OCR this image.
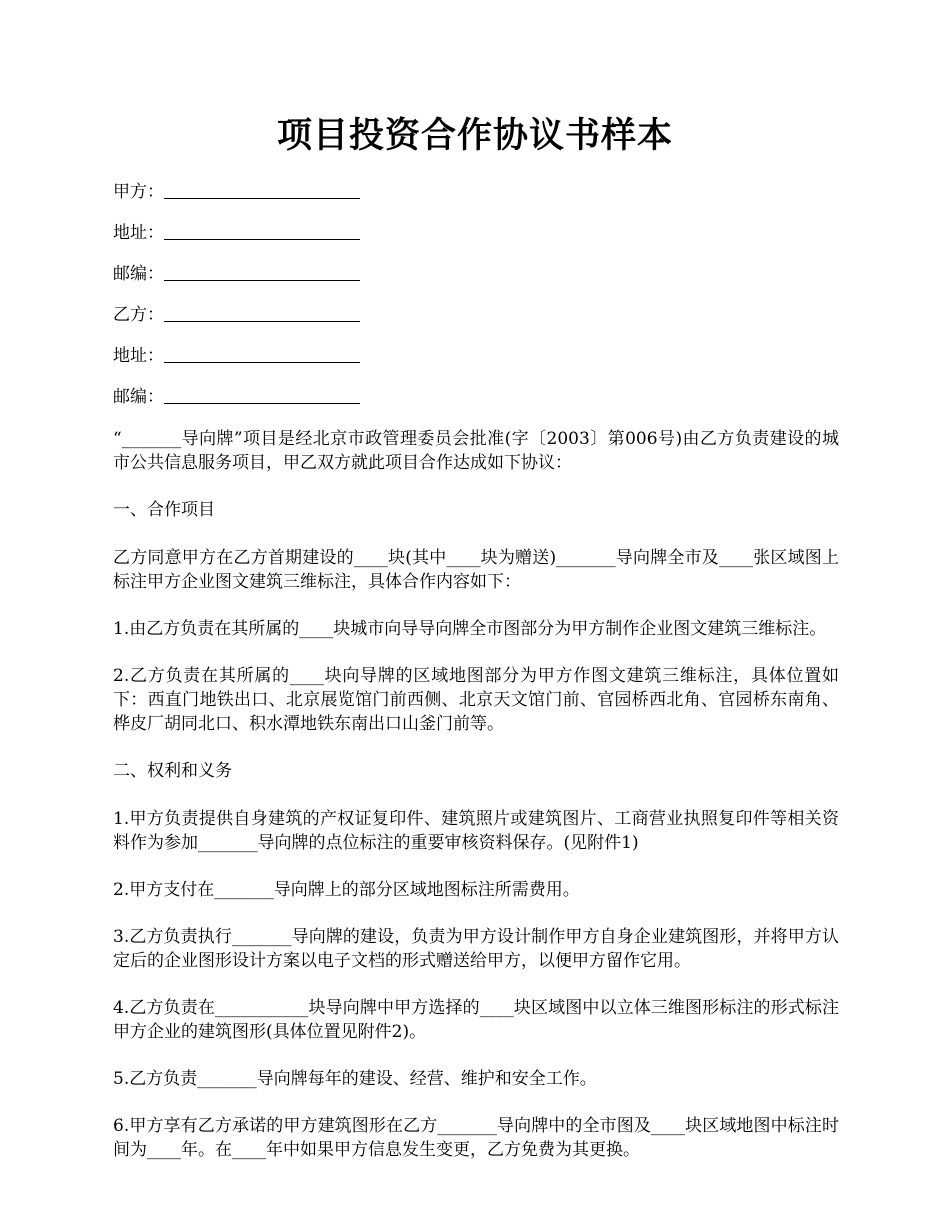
项目投资合作协议书样本
甲方：
地址：
邮编：
乙方：
地址：
邮编：

“_______导向牌”项目是经北京市政管理委员会批准(字〔2003〕第006号)由乙方负责建设的城市公共信息服务项目，甲乙双方就此项目合作达成如下协议：

一、合作项目

乙方同意甲方在乙方首期建设的____块(其中____块为赠送)_______导向牌全市及____张区域图上标注甲方企业图文建筑三维标注，具体合作内容如下：

1.由乙方负责在其所属的____块城市向导导向牌全市图部分为甲方制作企业图文建筑三维标注。

2.乙方负责在其所属的____块向导牌的区域地图部分为甲方作图文建筑三维标注，具体位置如下：西直门地铁出口、北京展览馆门前西侧、北京天文馆门前、官园桥西北角、官园桥东南角、桦皮厂胡同北口、积水潭地铁东南出口山釜门前等。

二、权利和义务

1.甲方负责提供自身建筑的产权证复印件、建筑照片或建筑图片、工商营业执照复印件等相关资料作为参加_______导向牌的点位标注的重要审核资料保存。(见附件1)

2.甲方支付在_______导向牌上的部分区域地图标注所需费用。

3.乙方负责执行_______导向牌的建设，负责为甲方设计制作甲方自身企业建筑图形，并将甲方认定后的企业图形设计方案以电子文档的形式赠送给甲方，以便甲方留作它用。

4.乙方负责在___________块导向牌中甲方选择的____块区域图中以立体三维图形标注的形式标注甲方企业的建筑图形(具体位置见附件2)。

5.乙方负责_______导向牌每年的建设、经营、维护和安全工作。

6.甲方享有乙方承诺的甲方建筑图形在乙方_______导向牌中的全市图及____块区域地图中标注时间为____年。在____年中如果甲方信息发生变更，乙方免费为其更换。
